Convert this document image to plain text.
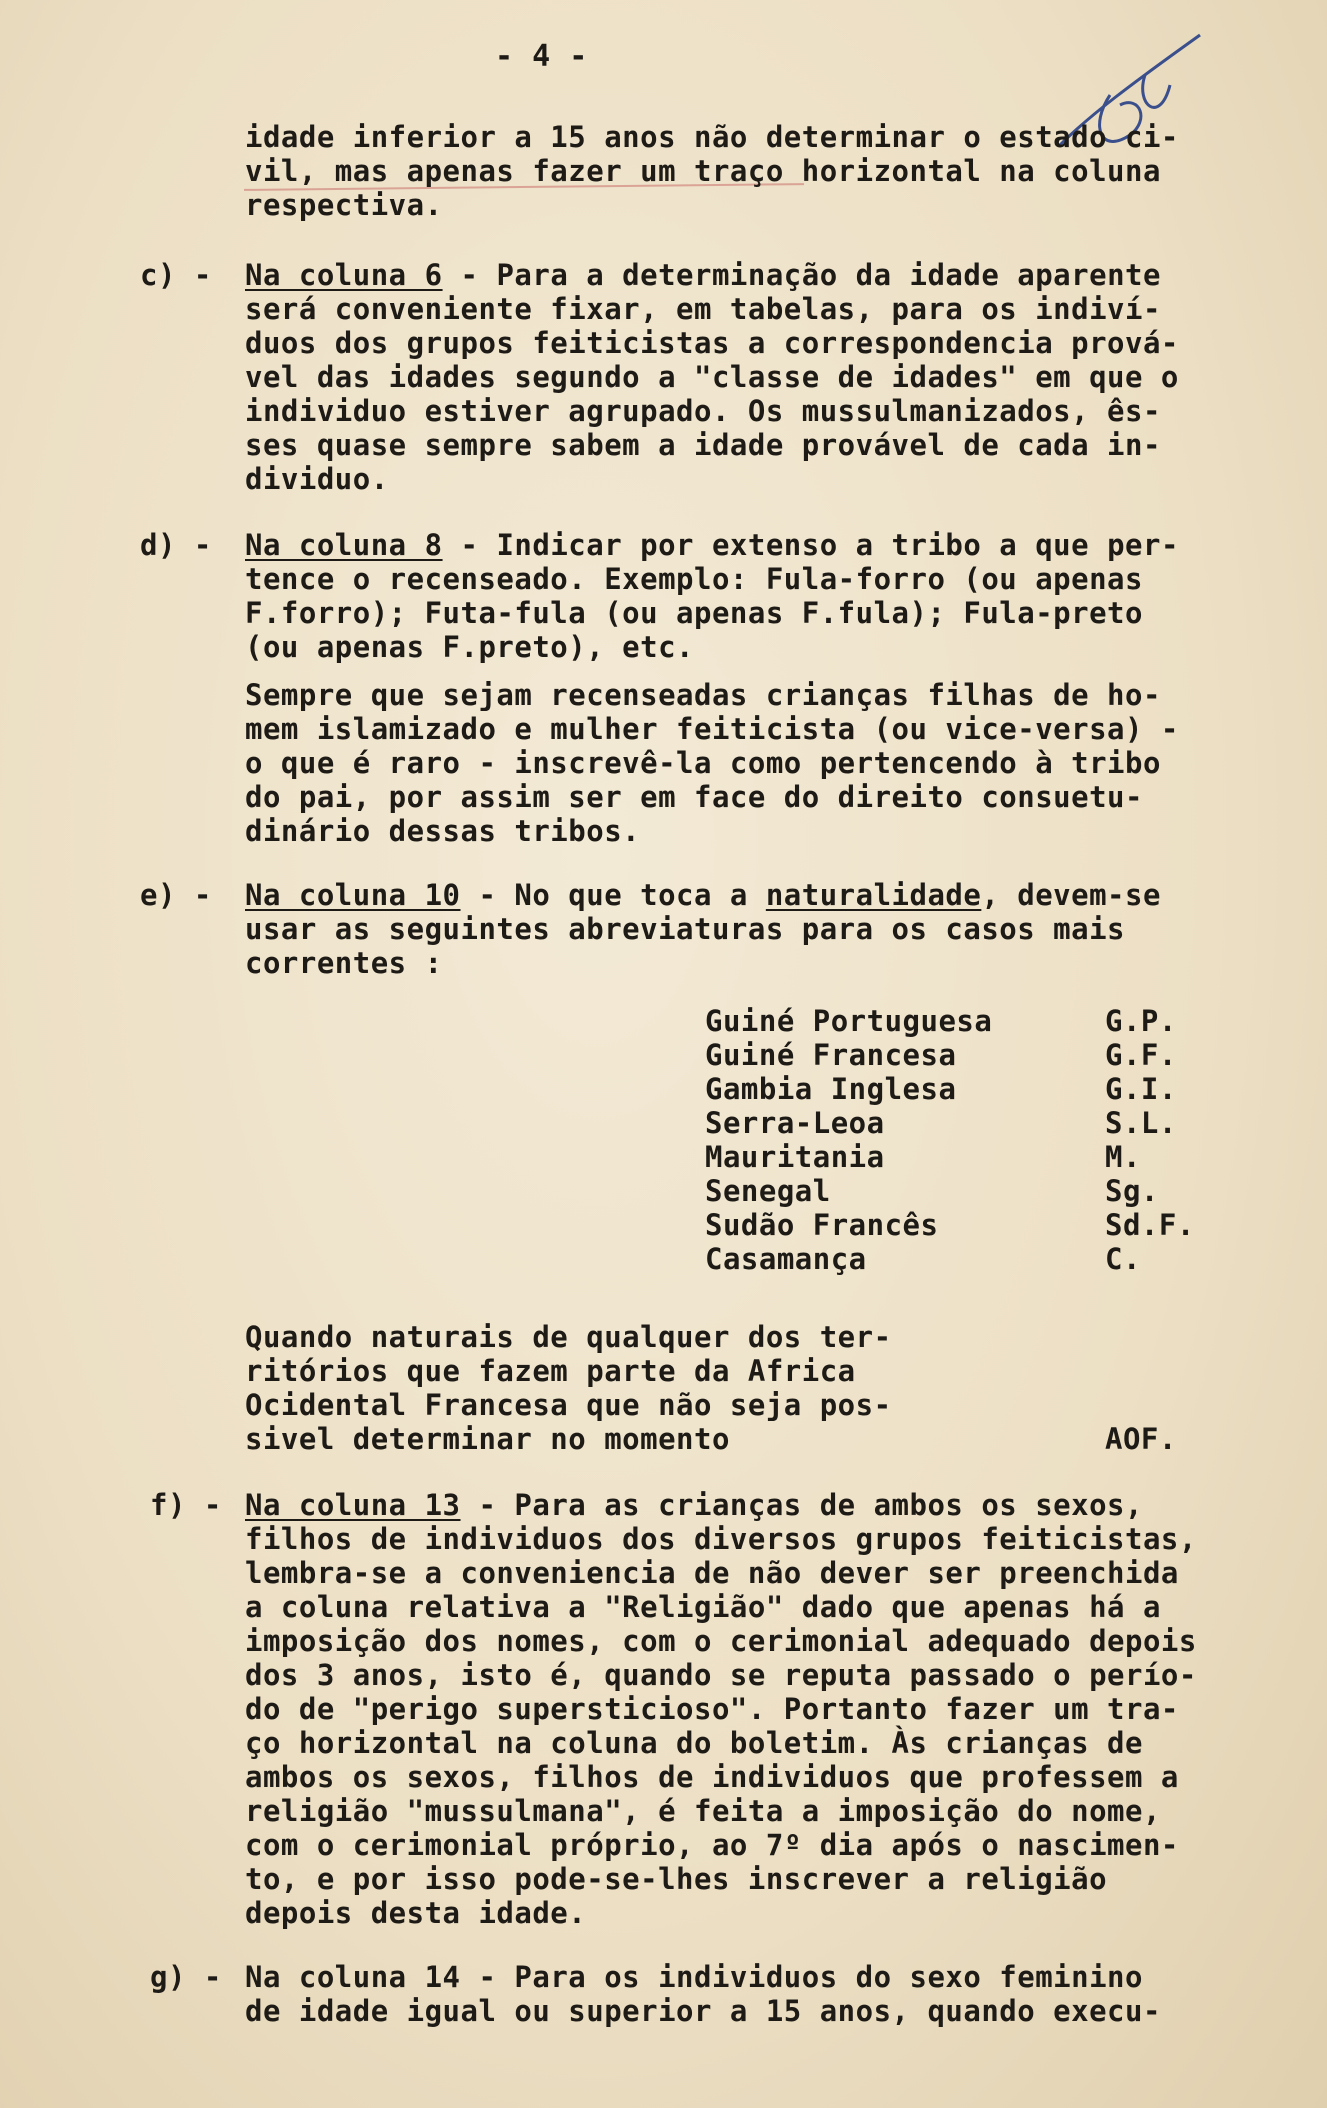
- 4 -
idade inferior a 15 anos não determinar o estado ci-
vil, mas apenas fazer um traço horizontal na coluna
respectiva.
c) - Na coluna 6 - Para a determinação da idade aparente
será conveniente fixar, em tabelas, para os indiví-
duos dos grupos feiticistas a correspondencia prová-
vel das idades segundo a "classe de idades" em que o
individuo estiver agrupado. Os mussulmanizados, ês-
ses quase sempre sabem a idade provável de cada in-
dividuo.
d) - Na coluna 8 - Indicar por extenso a tribo a que per-
tence o recenseado. Exemplo: Fula-forro (ou apenas
F.forro); Futa-fula (ou apenas F.fula); Fula-preto
(ou apenas F.preto), etc.
Sempre que sejam recenseadas crianças filhas de ho-
mem islamizado e mulher feiticista (ou vice-versa) -
o que é raro - inscrevê-la como pertencendo à tribo
do pai, por assim ser em face do direito consuetu-
dinário dessas tribos.
e) - Na coluna 10 - No que toca a naturalidade, devem-se
usar as seguintes abreviaturas para os casos mais
correntes :
Guiné Portuguesa	G.P.
Guiné Francesa	G.F.
Gambia Inglesa	G.I.
Serra-Leoa	S.L.
Mauritania	M.
Senegal	Sg.
Sudão Francês	Sd.F.
Casamança	C.
Quando naturais de qualquer dos ter-
ritórios que fazem parte da Africa
Ocidental Francesa que não seja pos-
sivel determinar no momento	AOF.
f) - Na coluna 13 - Para as crianças de ambos os sexos,
filhos de individuos dos diversos grupos feiticistas,
lembra-se a conveniencia de não dever ser preenchida
a coluna relativa a "Religião" dado que apenas há a
imposição dos nomes, com o cerimonial adequado depois
dos 3 anos, isto é, quando se reputa passado o perío-
do de "perigo supersticioso". Portanto fazer um tra-
ço horizontal na coluna do boletim. Às crianças de
ambos os sexos, filhos de individuos que professem a
religião "mussulmana", é feita a imposição do nome,
com o cerimonial próprio, ao 7º dia após o nascimen-
to, e por isso pode-se-lhes inscrever a religião
depois desta idade.
g) - Na coluna 14 - Para os individuos do sexo feminino
de idade igual ou superior a 15 anos, quando execu-
